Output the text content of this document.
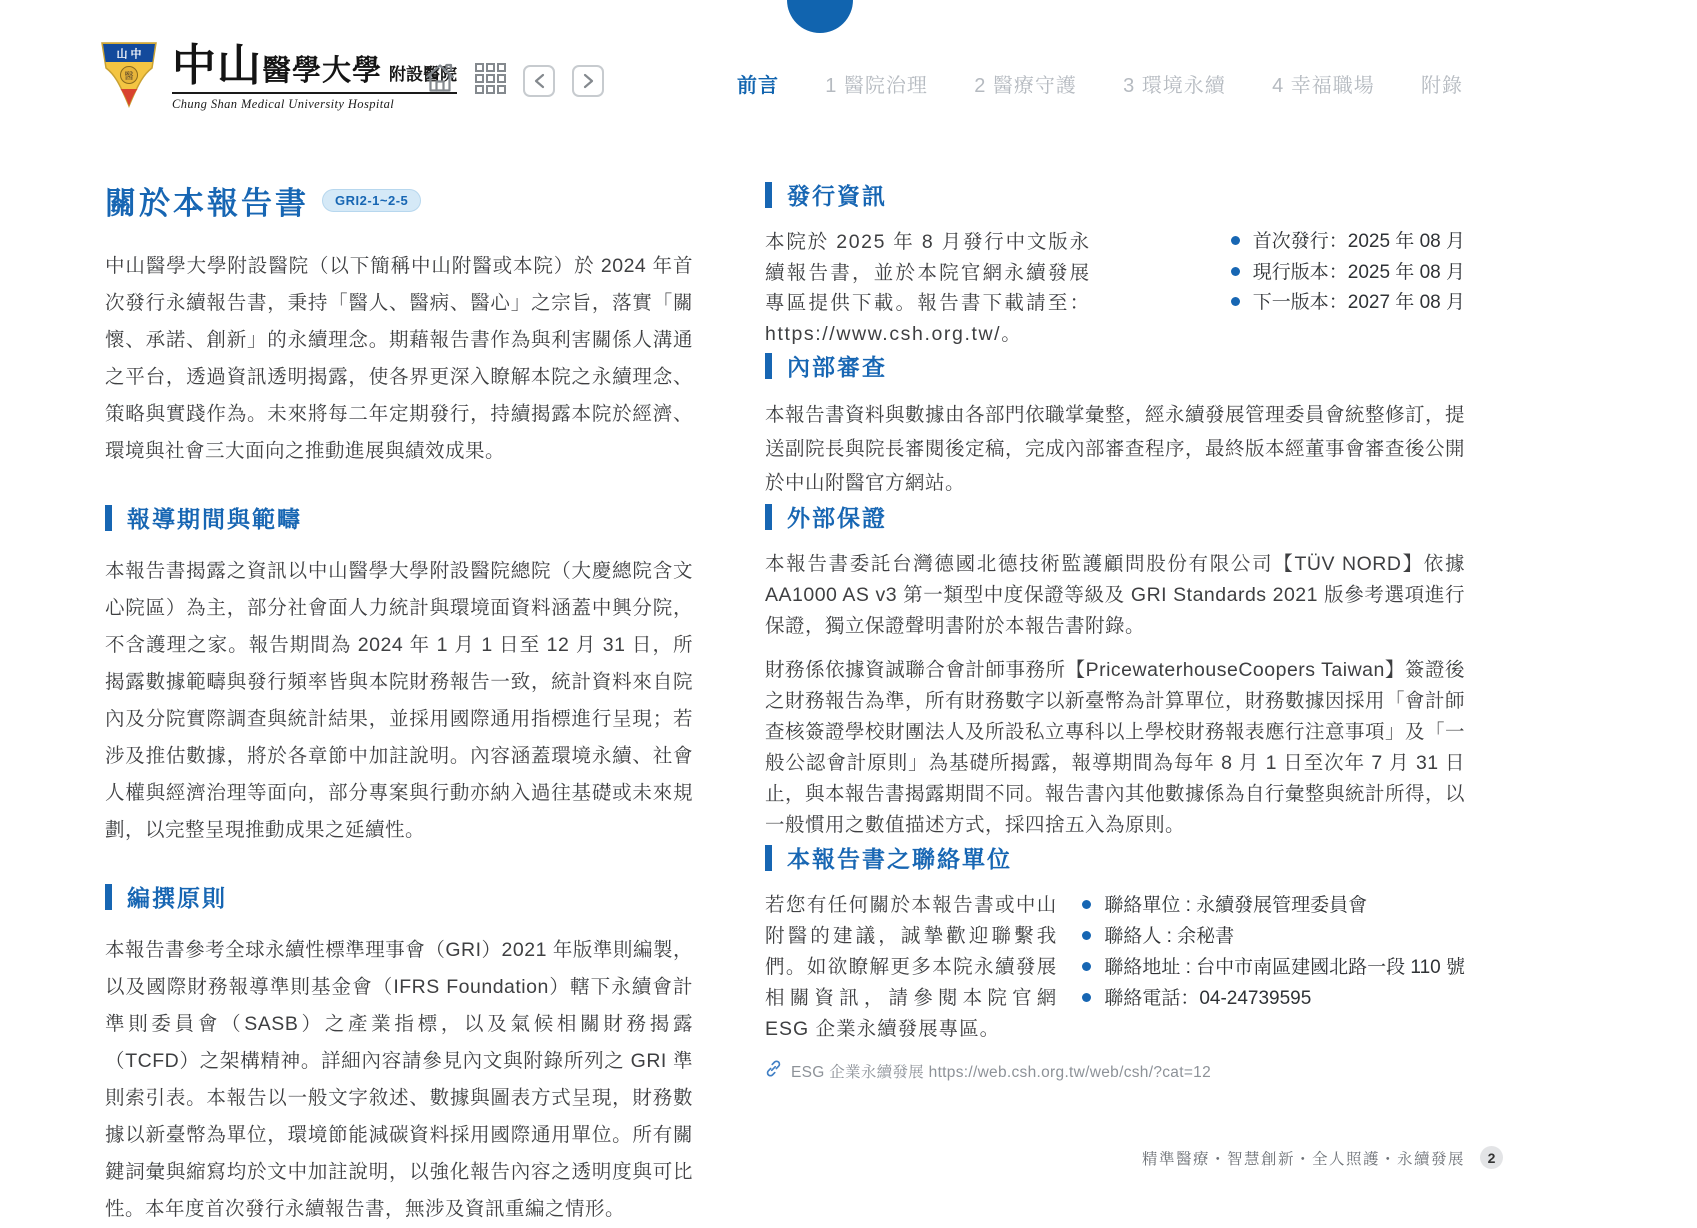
山 中
醫 中山 醫學大學 附設醫院
Chung Shan Medical University Hospital
前言 1 醫院治理 2 醫療守護 3 環境永續 4 幸福職場 附錄
關於本報告書	GRI2-1~2-5

中山醫學大學附設醫院（以下簡稱中山附醫或本院）於 2024 年首次發行永續報告書，秉持「醫人、醫病、醫心」之宗旨，落實「關懷、承諾、創新」的永續理念。期藉報告書作為與利害關係人溝通之平台，透過資訊透明揭露，使各界更深入瞭解本院之永續理念、策略與實踐作為。未來將每二年定期發行，持續揭露本院於經濟、環境與社會三大面向之推動進展與績效成果。

報導期間與範疇

本報告書揭露之資訊以中山醫學大學附設醫院總院（大慶總院含文心院區）為主，部分社會面人力統計與環境面資料涵蓋中興分院，不含護理之家。報告期間為 2024 年 1 月 1 日至 12 月 31 日，所揭露數據範疇與發行頻率皆與本院財務報告一致，統計資料來自院內及分院實際調查與統計結果，並採用國際通用指標進行呈現；若涉及推估數據，將於各章節中加註說明。內容涵蓋環境永續、社會人權與經濟治理等面向，部分專案與行動亦納入過往基礎或未來規劃，以完整呈現推動成果之延續性。

編撰原則

本報告書參考全球永續性標準理事會（GRI）2021 年版準則編製，以及國際財務報導準則基金會（IFRS Foundation）轄下永續會計準則委員會（SASB）之產業指標，以及氣候相關財務揭露（TCFD）之架構精神。詳細內容請參見內文與附錄所列之 GRI 準則索引表。本報告以一般文字敘述、數據與圖表方式呈現，財務數據以新臺幣為單位，環境節能減碳資料採用國際通用單位。所有關鍵詞彙與縮寫均於文中加註說明，以強化報告內容之透明度與可比性。本年度首次發行永續報告書，無涉及資訊重編之情形。

發行資訊

本院於 2025 年 8 月發行中文版永續報告書，並於本院官網永續發展專區提供下載。報告書下載請至：https://www.csh.org.tw/。

首次發行：2025 年 08 月
現行版本：2025 年 08 月
下一版本：2027 年 08 月
內部審查

本報告書資料與數據由各部門依職掌彙整，經永續發展管理委員會統整修訂，提送副院長與院長審閱後定稿，完成內部審查程序，最終版本經董事會審查後公開於中山附醫官方網站。

外部保證

本報告書委託台灣德國北德技術監護顧問股份有限公司【TÜV NORD】依據 AA1000 AS v3 第一類型中度保證等級及 GRI Standards 2021 版參考選項進行保證，獨立保證聲明書附於本報告書附錄。

財務係依據資誠聯合會計師事務所【PricewaterhouseCoopers Taiwan】簽證後之財務報告為準，所有財務數字以新臺幣為計算單位，財務數據因採用「會計師查核簽證學校財團法人及所設私立專科以上學校財務報表應行注意事項」及「一般公認會計原則」為基礎所揭露，報導期間為每年 8 月 1 日至次年 7 月 31 日止，與本報告書揭露期間不同。報告書內其他數據係為自行彙整與統計所得，以一般慣用之數值描述方式，採四捨五入為原則。

本報告書之聯絡單位

若您有任何關於本報告書或中山附醫的建議，誠摯歡迎聯繫我們。如欲瞭解更多本院永續發展相關資訊，請參閱本院官網 ESG 企業永續發展專區。

聯絡單位 : 永續發展管理委員會
聯絡人 : 余秘書
聯絡地址 : 台中市南區建國北路一段 110 號
聯絡電話：04-24739595
ESG 企業永續發展 https://web.csh.org.tw/web/csh/?cat=12
精準醫療・智慧創新・全人照護・永續發展	2
